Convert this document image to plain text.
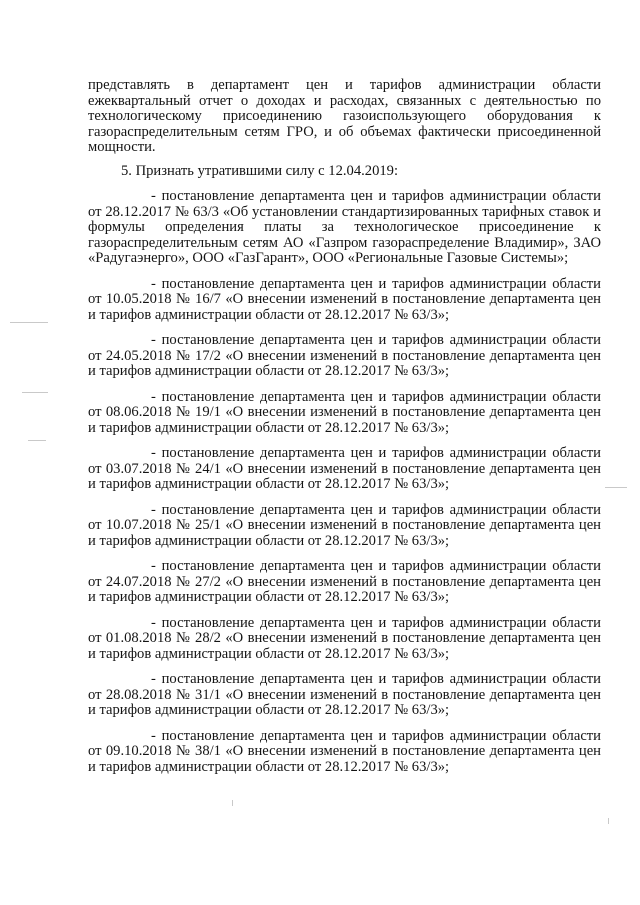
представлять в департамент цен и тарифов администрации области ежеквартальный отчет о доходах и расходах, связанных с деятельностью по технологическому присоединению газоиспользующего оборудования к газораспределительным сетям ГРО, и об объемах фактически присоединенной мощности.

5. Признать утратившими силу с 12.04.2019:

- постановление департамента цен и тарифов администрации области от 28.12.2017 № 63/3 «Об установлении стандартизированных тарифных ставок и формулы определения платы за технологическое присоединение к газораспределительным сетям АО «Газпром газораспределение Владимир», ЗАО «Радугаэнерго», ООО «ГазГарант», ООО «Региональные Газовые Системы»;

- постановление департамента цен и тарифов администрации области от 10.05.2018 № 16/7 «О внесении изменений в постановление департамента цен и тарифов администрации области от 28.12.2017 № 63/3»;

- постановление департамента цен и тарифов администрации области от 24.05.2018 № 17/2 «О внесении изменений в постановление департамента цен и тарифов администрации области от 28.12.2017 № 63/3»;

- постановление департамента цен и тарифов администрации области от 08.06.2018 № 19/1 «О внесении изменений в постановление департамента цен и тарифов администрации области от 28.12.2017 № 63/3»;

- постановление департамента цен и тарифов администрации области от 03.07.2018 № 24/1 «О внесении изменений в постановление департамента цен и тарифов администрации области от 28.12.2017 № 63/3»;

- постановление департамента цен и тарифов администрации области от 10.07.2018 № 25/1 «О внесении изменений в постановление департамента цен и тарифов администрации области от 28.12.2017 № 63/3»;

- постановление департамента цен и тарифов администрации области от 24.07.2018 № 27/2 «О внесении изменений в постановление департамента цен и тарифов администрации области от 28.12.2017 № 63/3»;

- постановление департамента цен и тарифов администрации области от 01.08.2018 № 28/2 «О внесении изменений в постановление департамента цен и тарифов администрации области от 28.12.2017 № 63/3»;

- постановление департамента цен и тарифов администрации области от 28.08.2018 № 31/1 «О внесении изменений в постановление департамента цен и тарифов администрации области от 28.12.2017 № 63/3»;

- постановление департамента цен и тарифов администрации области от 09.10.2018 № 38/1 «О внесении изменений в постановление департамента цен и тарифов администрации области от 28.12.2017 № 63/3»;
